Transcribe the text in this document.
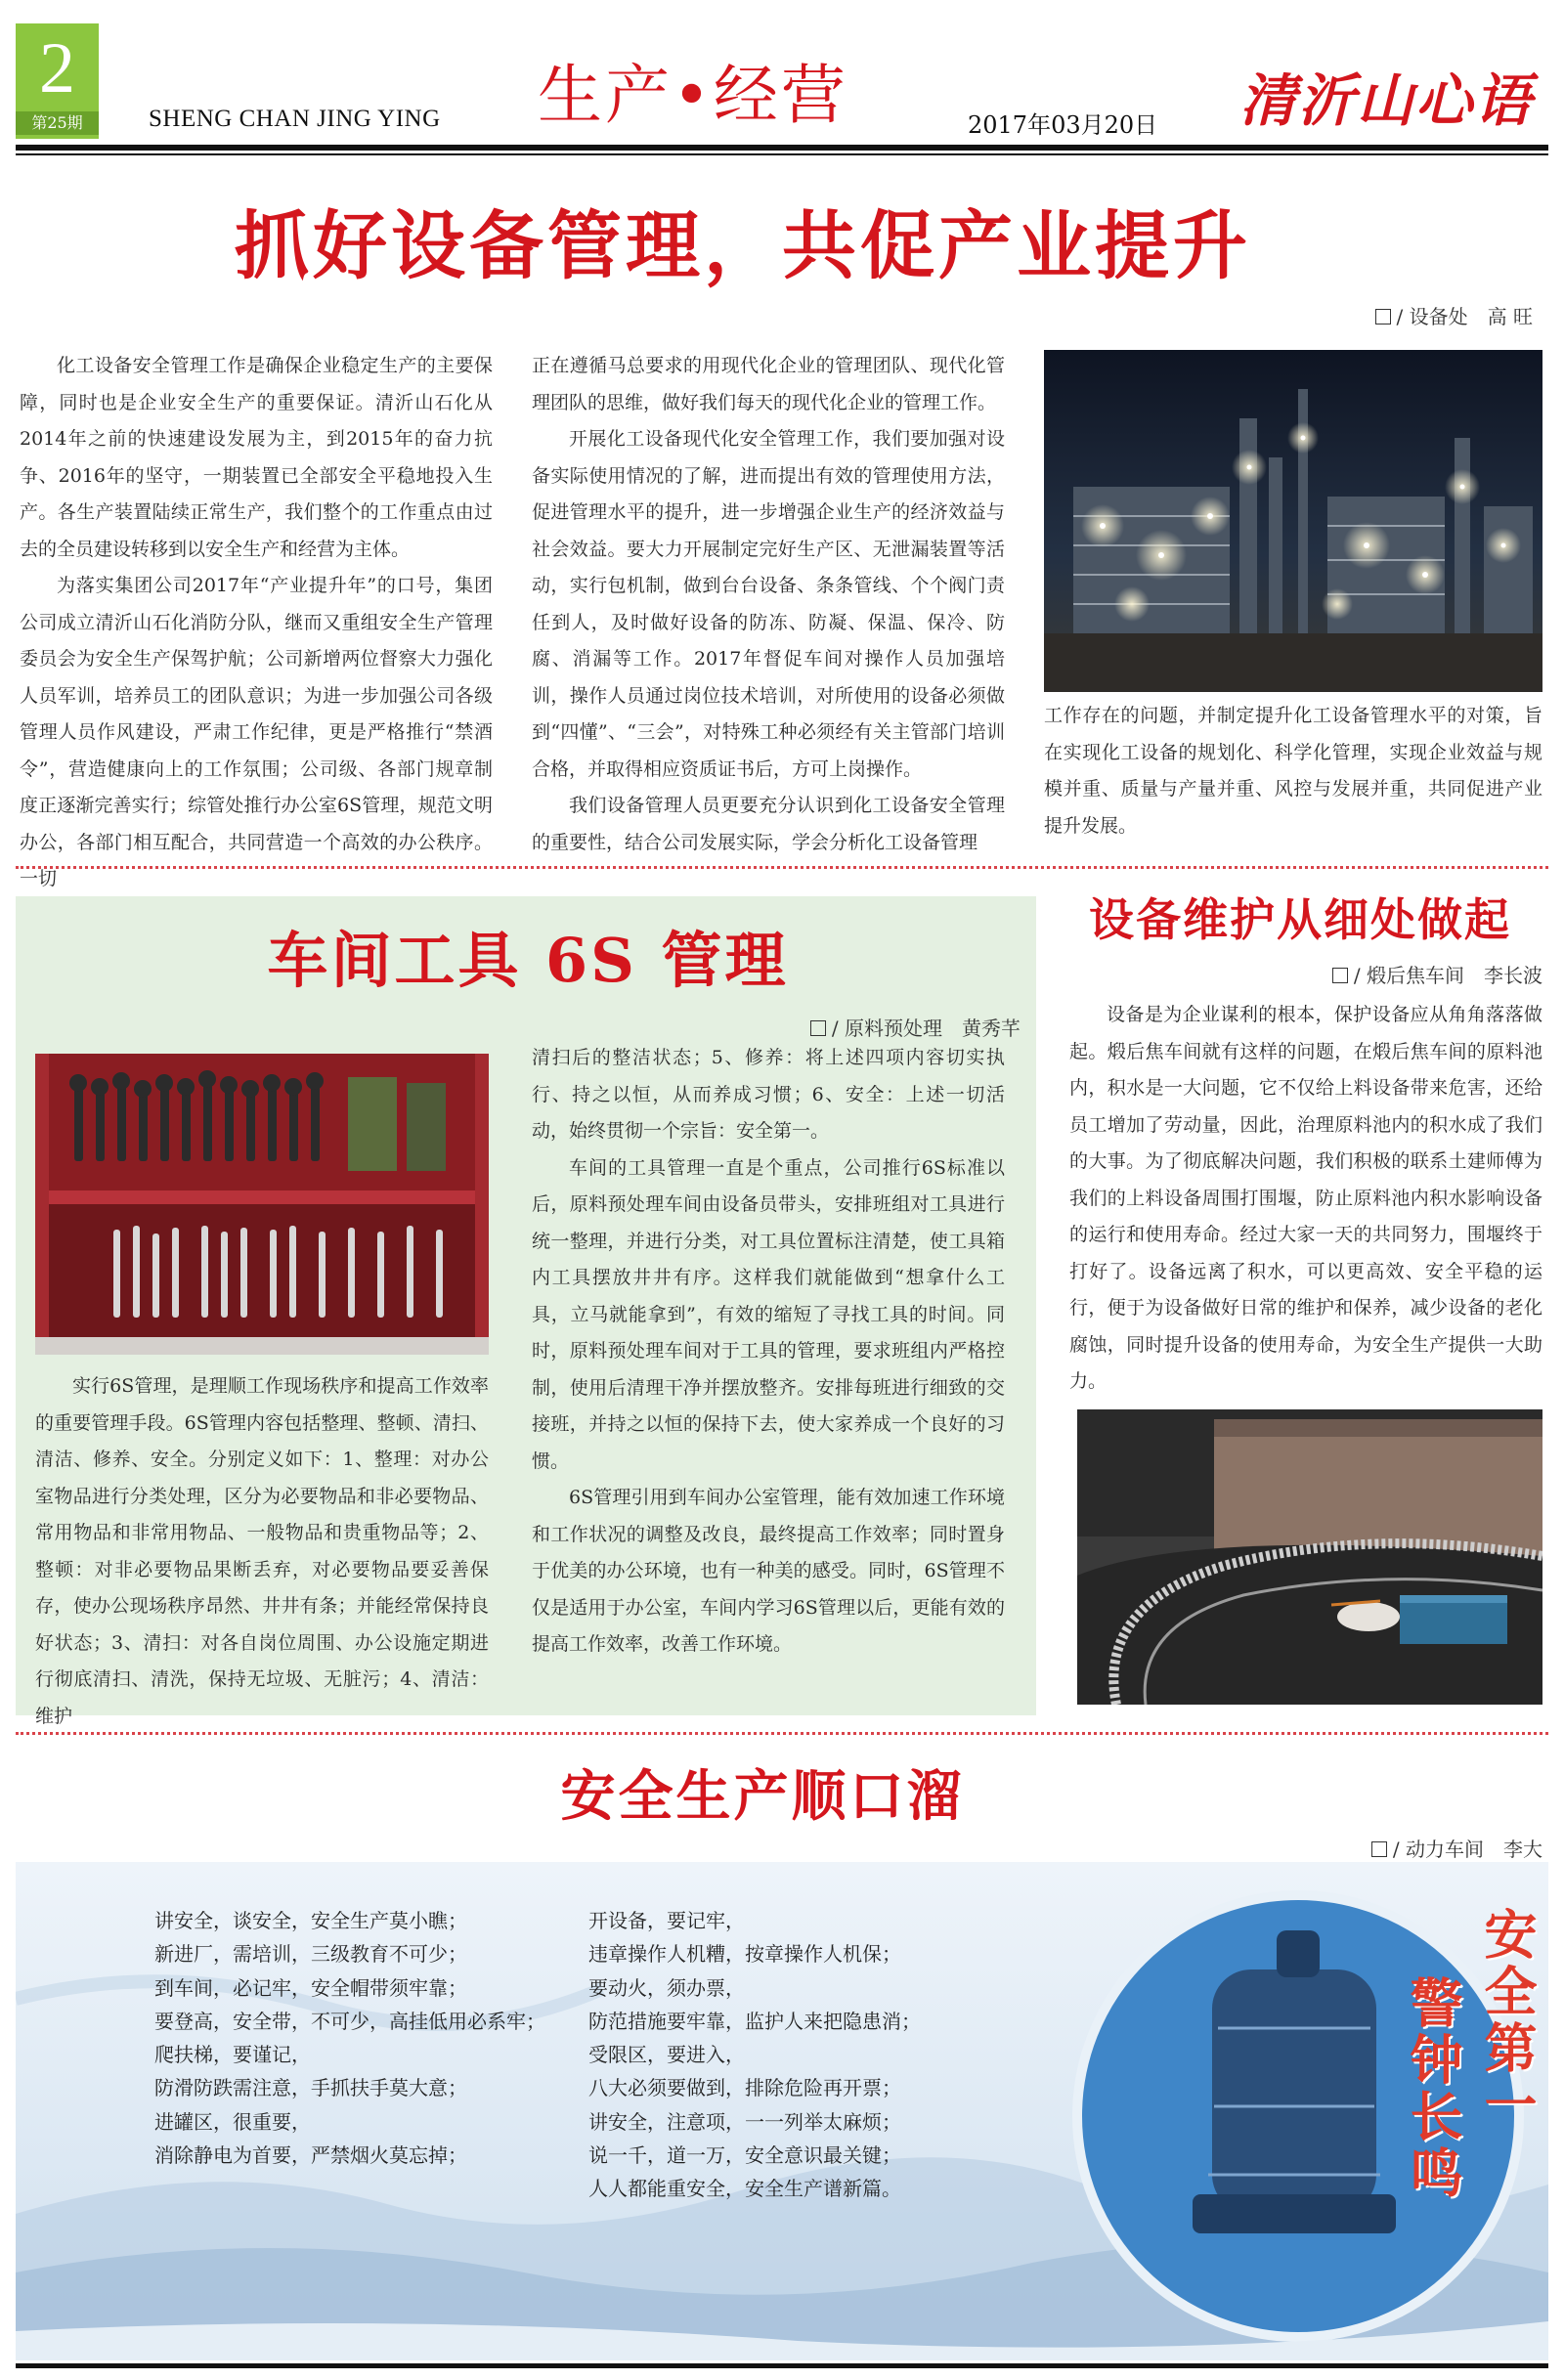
2
第25期	SHENG CHAN JING YING 生产•经营	2017年03月20日 清沂山心语
抓好设备管理，共促产业提升
/ 设备处　高 旺

化工设备安全管理工作是确保企业稳定生产的主要保障，同时也是企业安全生产的重要保证。清沂山石化从2014年之前的快速建设发展为主，到2015年的奋力抗争、2016年的坚守，一期装置已全部安全平稳地投入生产。各生产装置陆续正常生产，我们整个的工作重点由过去的全员建设转移到以安全生产和经营为主体。

为落实集团公司2017年“产业提升年”的口号，集团公司成立清沂山石化消防分队，继而又重组安全生产管理委员会为安全生产保驾护航；公司新增两位督察大力强化人员军训，培养员工的团队意识；为进一步加强公司各级管理人员作风建设，严肃工作纪律，更是严格推行“禁酒令”，营造健康向上的工作氛围；公司级、各部门规章制度正逐渐完善实行；综管处推行办公室6S管理，规范文明办公，各部门相互配合，共同营造一个高效的办公秩序。一切

正在遵循马总要求的用现代化企业的管理团队、现代化管理团队的思维，做好我们每天的现代化企业的管理工作。

开展化工设备现代化安全管理工作，我们要加强对设备实际使用情况的了解，进而提出有效的管理使用方法，促进管理水平的提升，进一步增强企业生产的经济效益与社会效益。要大力开展制定完好生产区、无泄漏装置等活动，实行包机制，做到台台设备、条条管线、个个阀门责任到人，及时做好设备的防冻、防凝、保温、保冷、防腐、消漏等工作。2017年督促车间对操作人员加强培训，操作人员通过岗位技术培训，对所使用的设备必须做到“四懂”、“三会”，对特殊工种必须经有关主管部门培训合格，并取得相应资质证书后，方可上岗操作。

我们设备管理人员更要充分认识到化工设备安全管理的重要性，结合公司发展实际，学会分析化工设备管理

工作存在的问题，并制定提升化工设备管理水平的对策，旨在实现化工设备的规划化、科学化管理，实现企业效益与规模并重、质量与产量并重、风控与发展并重，共同促进产业提升发展。

车间工具 6S 管理
/ 原料预处理　黄秀芊

实行6S管理，是理顺工作现场秩序和提高工作效率的重要管理手段。6S管理内容包括整理、整顿、清扫、清洁、修养、安全。分别定义如下：1、整理：对办公室物品进行分类处理，区分为必要物品和非必要物品、常用物品和非常用物品、一般物品和贵重物品等；2、整顿：对非必要物品果断丢弃，对必要物品要妥善保存，使办公现场秩序昂然、井井有条；并能经常保持良好状态；3、清扫：对各自岗位周围、办公设施定期进行彻底清扫、清洗，保持无垃圾、无脏污；4、清洁：维护

清扫后的整洁状态；5、修养：将上述四项内容切实执行、持之以恒，从而养成习惯；6、安全：上述一切活动，始终贯彻一个宗旨：安全第一。

车间的工具管理一直是个重点，公司推行6S标准以后，原料预处理车间由设备员带头，安排班组对工具进行统一整理，并进行分类，对工具位置标注清楚，使工具箱内工具摆放井井有序。这样我们就能做到“想拿什么工具，立马就能拿到”，有效的缩短了寻找工具的时间。同时，原料预处理车间对于工具的管理，要求班组内严格控制，使用后清理干净并摆放整齐。安排每班进行细致的交接班，并持之以恒的保持下去，使大家养成一个良好的习惯。

6S管理引用到车间办公室管理，能有效加速工作环境和工作状况的调整及改良，最终提高工作效率；同时置身于优美的办公环境，也有一种美的感受。同时，6S管理不仅是适用于办公室，车间内学习6S管理以后，更能有效的提高工作效率，改善工作环境。

设备维护从细处做起
/ 煅后焦车间　李长波

设备是为企业谋利的根本，保护设备应从角角落落做起。煅后焦车间就有这样的问题，在煅后焦车间的原料池内，积水是一大问题，它不仅给上料设备带来危害，还给员工增加了劳动量，因此，治理原料池内的积水成了我们的大事。为了彻底解决问题，我们积极的联系土建师傅为我们的上料设备周围打围堰，防止原料池内积水影响设备的运行和使用寿命。经过大家一天的共同努力，围堰终于打好了。设备远离了积水，可以更高效、安全平稳的运行，便于为设备做好日常的维护和保养，减少设备的老化腐蚀，同时提升设备的使用寿命，为安全生产提供一大助力。

安全生产顺口溜
/ 动力车间　李大
讲安全，谈安全，安全生产莫小瞧；
新进厂，需培训，三级教育不可少；
到车间，必记牢，安全帽带须牢靠；
要登高，安全带，不可少，高挂低用必系牢；
爬扶梯，要谨记，
防滑防跌需注意，手抓扶手莫大意；
进罐区，很重要，
消除静电为首要，严禁烟火莫忘掉；
开设备，要记牢，
违章操作人机糟，按章操作人机保；
要动火，须办票，
防范措施要牢靠，监护人来把隐患消；
受限区，要进入，
八大必须要做到，排除危险再开票；
讲安全，注意项，一一列举太麻烦；
说一千，道一万，安全意识最关键；
人人都能重安全，安全生产谱新篇。
安全第一
警钟长鸣
